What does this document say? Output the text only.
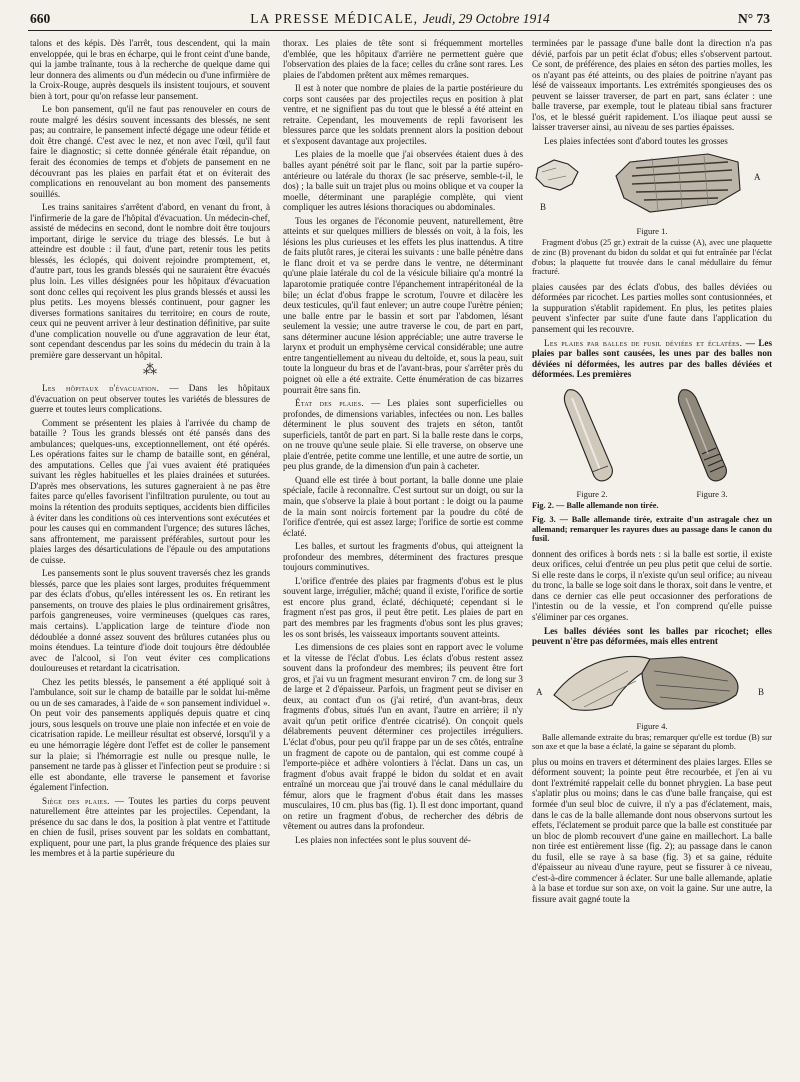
660	LA PRESSE MÉDICALE, Jeudi, 29 Octobre 1914	N° 73

talons et des képis. Dès l'arrêt, tous descendent, qui la main enveloppée, qui le bras en écharpe, qui le front ceint d'une bande, qui la jambe traînante, tous à la recherche de quelque dame qui leur donnera des aliments ou d'un médecin ou d'une infirmière de la Croix-Rouge, auprès desquels ils insistent toujours, et souvent bien à tort, pour qu'on refasse leur pansement.

Le bon pansement, qu'il ne faut pas renouveler en cours de route malgré les désirs souvent incessants des blessés, ne sent pas; au contraire, le pansement infecté dégage une odeur fétide et doit être changé. C'est avec le nez, et non avec l'œil, qu'il faut faire le diagnostic; si cette donnée générale était répandue, on ferait des économies de temps et d'objets de pansement en ne découvrant pas les plaies en parfait état et on éviterait des complications en renouvelant au bon moment des pansements souillés.

Les trains sanitaires s'arrêtent d'abord, en venant du front, à l'infirmerie de la gare de l'hôpital d'évacuation. Un médecin-chef, assisté de médecins en second, dont le nombre doit être toujours important, dirige le service du triage des blessés. Le but à atteindre est double : il faut, d'une part, retenir tous les petits blessés, les éclopés, qui doivent rejoindre promptement, et, d'autre part, tous les grands blessés qui ne sauraient être évacués plus loin. Les villes désignées pour les hôpitaux d'évacuation sont donc celles qui reçoivent les plus grands blessés et aussi les plus petits. Les moyens blessés continuent, pour gagner les diverses formations sanitaires du territoire; en cours de route, ceux qui ne peuvent arriver à leur destination définitive, par suite d'une complication nouvelle ou d'une aggravation de leur état, sont cependant descendus par les soins du médecin du train à la première gare desservant un hôpital.

⁂

Les hôpitaux d'évacuation. — Dans les hôpitaux d'évacuation on peut observer toutes les variétés de blessures de guerre et toutes leurs complications.

Comment se présentent les plaies à l'arrivée du champ de bataille ? Tous les grands blessés ont été pansés dans des ambulances; quelques-uns, exceptionnellement, ont été opérés. Les opérations faites sur le champ de bataille sont, en général, des amputations. Celles que j'ai vues avaient été pratiquées suivant les règles habituelles et les plaies drainées et suturées. D'après mes observations, les sutures gagneraient à ne pas être faites parce qu'elles favorisent l'infiltration purulente, ou tout au moins la rétention des produits septiques, accidents bien difficiles à éviter dans les conditions où ces interventions sont exécutées et pour les causes qui en commandent l'urgence; des sutures lâches, sans affrontement, me paraissent préférables, surtout pour les plaies larges des désarticulations de l'épaule ou des amputations de cuisse.

Les pansements sont le plus souvent traversés chez les grands blessés, parce que les plaies sont larges, produites fréquemment par des éclats d'obus, qu'elles intéressent les os. En retirant les pansements, on trouve des plaies le plus ordinairement grisâtres, parfois gangreneuses, voire vermineuses (quelques cas rares, mais certains). L'application large de teinture d'iode non dédoublée a donné assez souvent des brûlures cutanées plus ou moins étendues. La teinture d'iode doit toujours être dédoublée avec de l'alcool, si l'on veut éviter ces complications douloureuses et retardant la cicatrisation.

Chez les petits blessés, le pansement a été appliqué soit à l'ambulance, soit sur le champ de bataille par le soldat lui-même ou un de ses camarades, à l'aide de « son pansement individuel ». On peut voir des pansements appliqués depuis quatre et cinq jours, sous lesquels on trouve une plaie non infectée et en voie de cicatrisation rapide. Le meilleur résultat est observé, lorsqu'il y a eu une hémorragie légère dont l'effet est de coller le pansement sur la plaie; si l'hémorragie est nulle ou presque nulle, le pansement ne tarde pas à glisser et l'infection peut se produire : si elle est abondante, elle traverse le pansement et favorise également l'infection.

Siège des plaies. — Toutes les parties du corps peuvent naturellement être atteintes par les projectiles. Cependant, la présence du sac dans le dos, la position à plat ventre et l'attitude en chien de fusil, prises souvent par les soldats en combattant, expliquent, pour une part, la plus grande fréquence des plaies sur les membres et à la partie supérieure du

thorax. Les plaies de tête sont si fréquemment mortelles d'emblée, que les hôpitaux d'arrière ne permettent guère que l'observation des plaies de la face; celles du crâne sont rares. Les plaies de l'abdomen prêtent aux mêmes remarques.

Il est à noter que nombre de plaies de la partie postérieure du corps sont causées par des projectiles reçus en position à plat ventre, et ne signifient pas du tout que le blessé a été atteint en retraite. Cependant, les mouvements de repli favorisent les blessures parce que les soldats prennent alors la position debout et s'exposent davantage aux projectiles.

Les plaies de la moelle que j'ai observées étaient dues à des balles ayant pénétré soit par le flanc, soit par la partie supéro-antérieure ou latérale du thorax (le sac préserve, semble-t-il, le dos) ; la balle suit un trajet plus ou moins oblique et va couper la moelle, déterminant une paraplégie complète, qui vient compliquer les autres lésions thoraciques ou abdominales.

Tous les organes de l'économie peuvent, naturellement, être atteints et sur quelques milliers de blessés on voit, à la fois, les lésions les plus curieuses et les effets les plus inattendus. A titre de faits plutôt rares, je citerai les suivants : une balle pénètre dans le flanc droit et va se perdre dans le ventre, ne déterminant qu'une plaie latérale du col de la vésicule biliaire qu'a montré la laparotomie pratiquée contre l'épanchement intrapéritonéal de la bile; un éclat d'obus frappe le scrotum, l'ouvre et dilacère les deux testicules, qu'il faut enlever; un autre coupe l'urètre pénien; une balle entre par le bassin et sort par l'abdomen, lésant seulement la vessie; une autre traverse le cou, de part en part, sans déterminer aucune lésion appréciable; une autre traverse le larynx et produit un emphysème cervical considérable; une autre entre tangentiellement au niveau du deltoïde, et, sous la peau, suit toute la longueur du bras et de l'avant-bras, pour s'arrêter près du poignet où elle a été extraite. Cette énumération de cas bizarres pourrait être sans fin.

État des plaies. — Les plaies sont superficielles ou profondes, de dimensions variables, infectées ou non. Les balles déterminent le plus souvent des trajets en séton, tantôt superficiels, tantôt de part en part. Si la balle reste dans le corps, on ne trouve qu'une seule plaie. Si elle traverse, on observe une plaie d'entrée, petite comme une lentille, et une autre de sortie, un peu plus grande, de la dimension d'un pain à cacheter.

Quand elle est tirée à bout portant, la balle donne une plaie spéciale, facile à reconnaître. C'est surtout sur un doigt, ou sur la main, que s'observe la plaie à bout portant : le doigt ou la paume de la main sont noircis fortement par la poudre du côté de l'orifice d'entrée, qui est assez large; l'orifice de sortie est comme éclaté.

Les balles, et surtout les fragments d'obus, qui atteignent la profondeur des membres, déterminent des fractures presque toujours comminutives.

L'orifice d'entrée des plaies par fragments d'obus est le plus souvent large, irrégulier, mâché; quand il existe, l'orifice de sortie est encore plus grand, éclaté, déchiqueté; cependant si le fragment n'est pas gros, il peut être petit. Les plaies de part en part des membres par les fragments d'obus sont les plus graves; les os sont brisés, les vaisseaux importants souvent atteints.

Les dimensions de ces plaies sont en rapport avec le volume et la vitesse de l'éclat d'obus. Les éclats d'obus restent assez souvent dans la profondeur des membres; ils peuvent être fort gros, et j'ai vu un fragment mesurant environ 7 cm. de long sur 3 de large et 2 d'épaisseur. Parfois, un fragment peut se diviser en deux, au contact d'un os (j'ai retiré, d'un avant-bras, deux fragments d'obus, situés l'un en avant, l'autre en arrière; il n'y avait qu'un petit orifice d'entrée cicatrisé). On conçoit quels délabrements peuvent déterminer ces projectiles irréguliers. L'éclat d'obus, pour peu qu'il frappe par un de ses côtés, entraîne un fragment de capote ou de pantalon, qui est comme coupé à l'emporte-pièce et adhère volontiers à l'éclat. Dans un cas, un fragment d'obus avait frappé le bidon du soldat et en avait entraîné un morceau que j'ai trouvé dans le canal médullaire du fémur, alors que le fragment d'obus était dans les masses musculaires, 10 cm. plus bas (fig. 1). Il est donc important, quand on retire un fragment d'obus, de rechercher des débris de vêtement ou autres dans la profondeur.

Les plaies non infectées sont le plus souvent dé-

terminées par le passage d'une balle dont la direction n'a pas dévié, parfois par un petit éclat d'obus; elles s'observent partout. Ce sont, de préférence, des plaies en séton des parties molles, les os n'ayant pas été atteints, ou des plaies de poitrine n'ayant pas lésé de vaisseaux importants. Les extrémités spongieuses des os peuvent se laisser traverser, de part en part, sans éclater : une balle traverse, par exemple, tout le plateau tibial sans fracturer l'os, et le blessé guérit rapidement. L'os iliaque peut aussi se laisser traverser ainsi, au niveau de ses parties épaisses.

Les plaies infectées sont d'abord toutes les grosses

B
A
Figure 1.
Fragment d'obus (25 gr.) extrait de la cuisse (A), avec une plaquette de zinc (B) provenant du bidon du soldat et qui fut entraînée par l'éclat d'obus; la plaquette fut trouvée dans le canal médullaire du fémur fracturé.

plaies causées par des éclats d'obus, des balles déviées ou déformées par ricochet. Les parties molles sont contusionnées, et la suppuration s'établit rapidement. En plus, les petites plaies peuvent s'infecter par suite d'une faute dans l'application du pansement qui les recouvre.

Les plaies par balles de fusil déviées et éclatées. — Les plaies par balles sont causées, les unes par des balles non déviées ni déformées, les autres par des balles déviées et déformées. Les premières

Figure 2.	Figure 3.
Fig. 2. — Balle allemande non tirée.
Fig. 3. — Balle allemande tirée, extraite d'un astragale chez un allemand; remarquer les rayures dues au passage dans le canon du fusil.

donnent des orifices à bords nets : si la balle est sortie, il existe deux orifices, celui d'entrée un peu plus petit que celui de sortie. Si elle reste dans le corps, il n'existe qu'un seul orifice; au niveau du tronc, la balle se loge soit dans le thorax, soit dans le ventre, et dans ce dernier cas elle peut occasionner des perforations de l'intestin ou de la vessie, et l'on comprend qu'elle puisse s'éliminer par ces organes.

Les balles déviées sont les balles par ricochet; elles peuvent n'être pas déformées, mais elles entrent

A	B
Figure 4.
Balle allemande extraite du bras; remarquer qu'elle est tordue (B) sur son axe et que la base a éclaté, la gaine se séparant du plomb.

plus ou moins en travers et déterminent des plaies larges. Elles se déforment souvent; la pointe peut être recourbée, et j'en ai vu dont l'extrémité rappelait celle du bonnet phrygien. La base peut s'aplatir plus ou moins; dans le cas d'une balle française, qui est formée d'un seul bloc de cuivre, il n'y a pas d'éclatement, mais, dans le cas de la balle allemande dont nous observons surtout les effets, l'éclatement se produit parce que la balle est constituée par un bloc de plomb recouvert d'une gaine en maillechort. La balle non tirée est entièrement lisse (fig. 2); au passage dans le canon du fusil, elle se raye à sa base (fig. 3) et sa gaine, réduite d'épaisseur au niveau d'une rayure, peut se fissurer à ce niveau, c'est-à-dire commencer à éclater. Sur une balle allemande, aplatie à la base et tordue sur son axe, on voit la gaine. Sur une autre, la fissure avait gagné toute la
